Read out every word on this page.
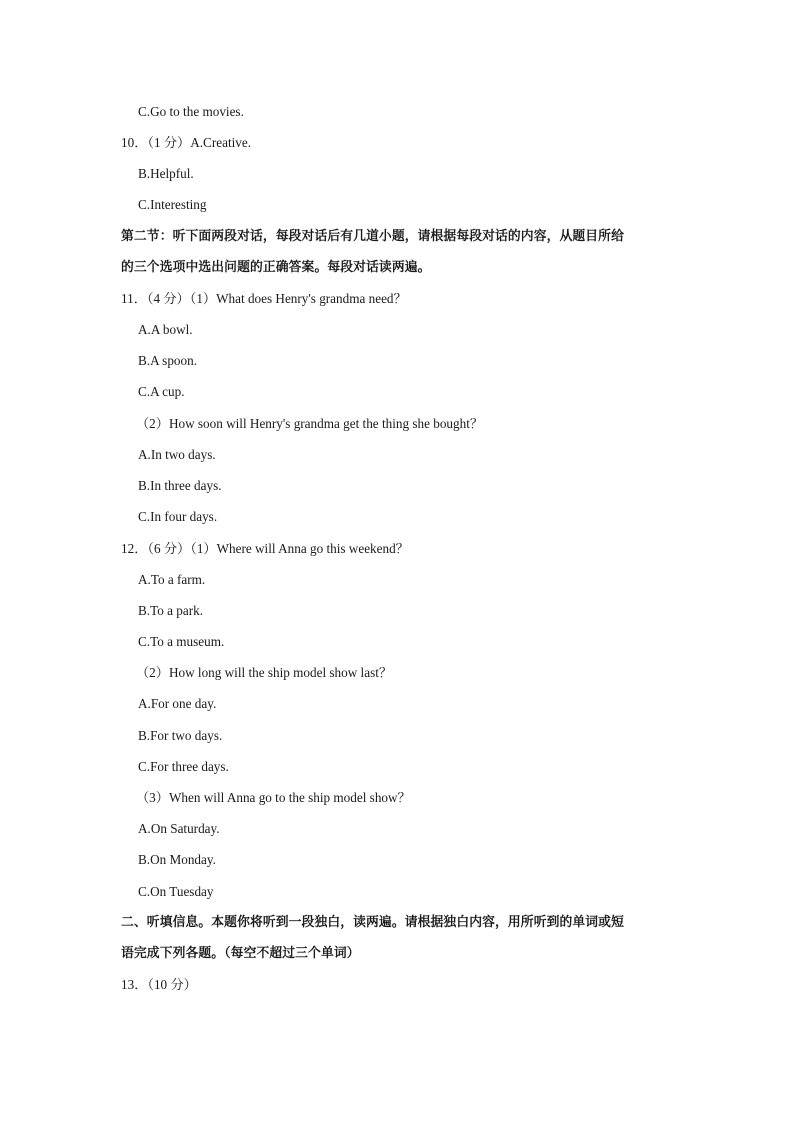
C.Go to the movies.
10．（1 分）A.Creative.
B.Helpful.
C.Interesting
第二节：听下面两段对话，每段对话后有几道小题，请根据每段对话的内容，从题目所给
的三个选项中选出问题的正确答案。每段对话读两遍。
11．（4 分）（1）What does Henry's grandma need？
A.A bowl.
B.A spoon.
C.A cup.
（2）How soon will Henry's grandma get the thing she bought？
A.In two days.
B.In three days.
C.In four days.
12．（6 分）（1）Where will Anna go this weekend？
A.To a farm.
B.To a park.
C.To a museum.
（2）How long will the ship model show last？
A.For one day.
B.For two days.
C.For three days.
（3）When will Anna go to the ship model show？
A.On Saturday.
B.On Monday.
C.On Tuesday
二、听填信息。本题你将听到一段独白，读两遍。请根据独白内容，用所听到的单词或短
语完成下列各题。（每空不超过三个单词）
13．（10 分）
